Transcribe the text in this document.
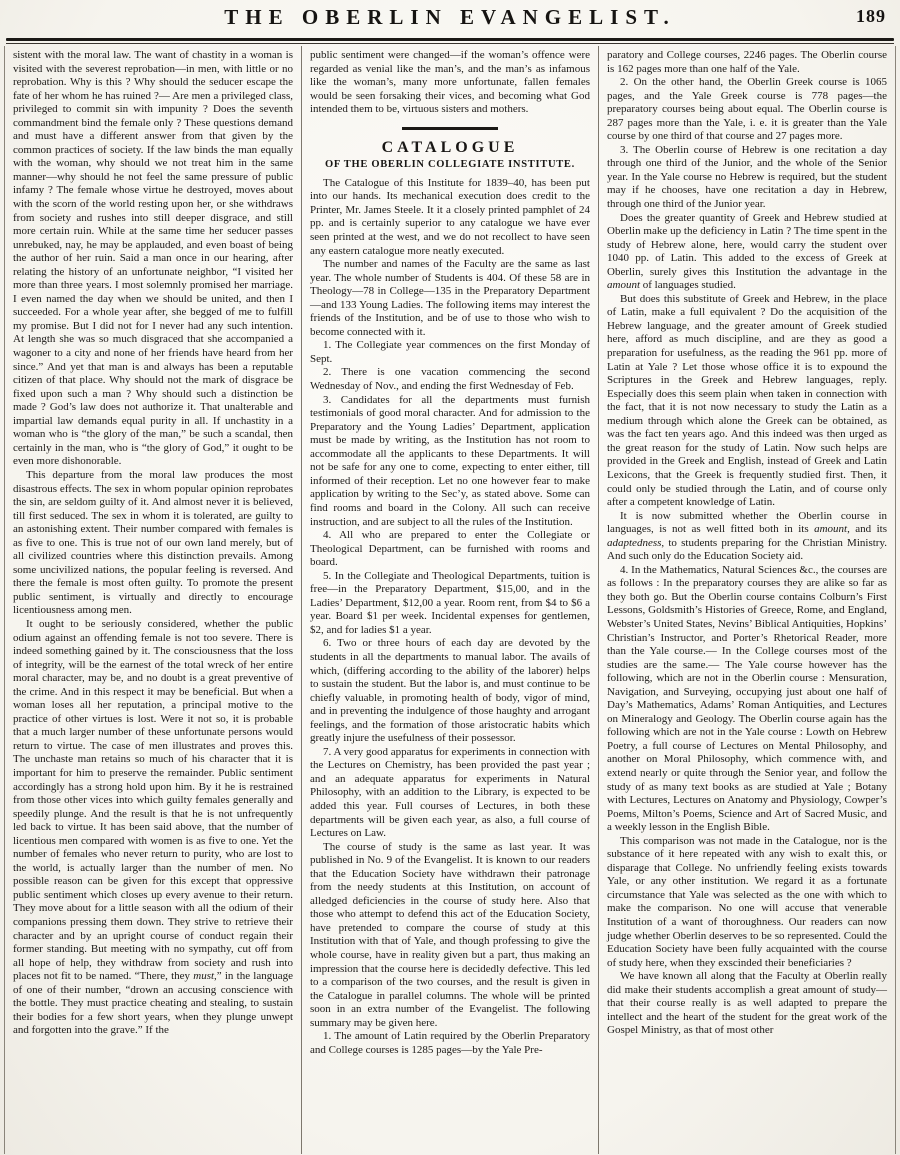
THE OBERLIN EVANGELIST.	189

sistent with the moral law. The want of chastity in a woman is visited with the severest reprobation—in men, with little or no reprobation. Why is this ? Why should the seducer escape the fate of her whom he has ruined ?— Are men a privileged class, privileged to commit sin with impunity ? Does the seventh commandment bind the female only ? These questions demand and must have a different answer from that given by the common practices of society. If the law binds the man equally with the woman, why should we not treat him in the same manner—why should he not feel the same pressure of public infamy ? The female whose virtue he destroyed, moves about with the scorn of the world resting upon her, or she withdraws from society and rushes into still deeper disgrace, and still more certain ruin. While at the same time her seducer passes unrebuked, nay, he may be applauded, and even boast of being the author of her ruin. Said a man once in our hearing, after relating the history of an unfortunate neighbor, “I visited her more than three years. I most solemnly promised her marriage. I even named the day when we should be united, and then I succeeded. For a whole year after, she begged of me to fulfill my promise. But I did not for I never had any such intention. At length she was so much disgraced that she accompanied a wagoner to a city and none of her friends have heard from her since.” And yet that man is and always has been a reputable citizen of that place. Why should not the mark of disgrace be fixed upon such a man ? Why should such a distinction be made ? God’s law does not authorize it. That unalterable and impartial law demands equal purity in all. If unchastity in a woman who is “the glory of the man,” be such a scandal, then certainly in the man, who is “the glory of God,” it ought to be even more dishonorable.

This departure from the moral law produces the most disastrous effects. The sex in whom popular opinion reprobates the sin, are seldom guilty of it. And almost never it is believed, till first seduced. The sex in whom it is tolerated, are guilty to an astonishing extent. Their number compared with females is as five to one. This is true not of our own land merely, but of all civilized countries where this distinction prevails. Among some uncivilized nations, the popular feeling is reversed. And there the female is most often guilty. To promote the present public sentiment, is virtually and directly to encourage licentiousness among men.

It ought to be seriously considered, whether the public odium against an offending female is not too severe. There is indeed something gained by it. The consciousness that the loss of integrity, will be the earnest of the total wreck of her entire moral character, may be, and no doubt is a great preventive of the crime. And in this respect it may be beneficial. But when a woman loses all her reputation, a principal motive to the practice of other virtues is lost. Were it not so, it is probable that a much larger number of these unfortunate persons would return to virtue. The case of men illustrates and proves this. The unchaste man retains so much of his character that it is important for him to preserve the remainder. Public sentiment accordingly has a strong hold upon him. By it he is restrained from those other vices into which guilty females generally and speedily plunge. And the result is that he is not unfrequently led back to virtue. It has been said above, that the number of licentious men compared with women is as five to one. Yet the number of females who never return to purity, who are lost to the world, is actually larger than the number of men. No possible reason can be given for this except that oppressive public sentiment which closes up every avenue to their return. They move about for a little season with all the odium of their companions pressing them down. They strive to retrieve their character and by an upright course of conduct regain their former standing. But meeting with no sympathy, cut off from all hope of help, they withdraw from society and rush into places not fit to be named. “There, they must,” in the language of one of their number, “drown an accusing conscience with the bottle. They must practice cheating and stealing, to sustain their bodies for a few short years, when they plunge unwept and forgotten into the grave.” If the

public sentiment were changed—if the woman’s offence were regarded as venial like the man’s, and the man’s as infamous like the woman’s, many more unfortunate, fallen females would be seen forsaking their vices, and becoming what God intended them to be, virtuous sisters and mothers.

CATALOGUE
OF THE OBERLIN COLLEGIATE INSTITUTE.

The Catalogue of this Institute for 1839–40, has been put into our hands. Its mechanical execution does credit to the Printer, Mr. James Steele. It it a closely printed pamphlet of 24 pp. and is certainly superior to any catalogue we have ever seen printed at the west, and we do not recollect to have seen any eastern catalogue more neatly executed.

The number and names of the Faculty are the same as last year. The whole number of Students is 404. Of these 58 are in Theology—78 in College—135 in the Preparatory Department—and 133 Young Ladies. The following items may interest the friends of the Institution, and be of use to those who wish to become connected with it.

1. The Collegiate year commences on the first Monday of Sept.

2. There is one vacation commencing the second Wednesday of Nov., and ending the first Wednesday of Feb.

3. Candidates for all the departments must furnish testimonials of good moral character. And for admission to the Preparatory and the Young Ladies’ Department, application must be made by writing, as the Institution has not room to accommodate all the applicants to these Departments. It will not be safe for any one to come, expecting to enter either, till informed of their reception. Let no one however fear to make application by writing to the Sec’y, as stated above. Some can find rooms and board in the Colony. All such can receive instruction, and are subject to all the rules of the Institution.

4. All who are prepared to enter the Collegiate or Theological Department, can be furnished with rooms and board.

5. In the Collegiate and Theological Departments, tuition is free—in the Preparatory Department, $15,00, and in the Ladies’ Department, $12,00 a year. Room rent, from $4 to $6 a year. Board $1 per week. Incidental expenses for gentlemen, $2, and for ladies $1 a year.

6. Two or three hours of each day are devoted by the students in all the departments to manual labor. The avails of which, (differing according to the ability of the laborer) helps to sustain the student. But the labor is, and must continue to be chiefly valuable, in promoting health of body, vigor of mind, and in preventing the indulgence of those haughty and arrogant feelings, and the formation of those aristocratic habits which greatly injure the usefulness of their possessor.

7. A very good apparatus for experiments in connection with the Lectures on Chemistry, has been provided the past year ; and an adequate apparatus for experiments in Natural Philosophy, with an addition to the Library, is expected to be added this year. Full courses of Lectures, in both these departments will be given each year, as also, a full course of Lectures on Law.

The course of study is the same as last year. It was published in No. 9 of the Evangelist. It is known to our readers that the Education Society have withdrawn their patronage from the needy students at this Institution, on account of alledged deficiencies in the course of study here. Also that those who attempt to defend this act of the Education Society, have pretended to compare the course of study at this Institution with that of Yale, and though professing to give the whole course, have in reality given but a part, thus making an impression that the course here is decidedly defective. This led to a comparison of the two courses, and the result is given in the Catalogue in parallel columns. The whole will be printed soon in an extra number of the Evangelist. The following summary may be given here.

1. The amount of Latin required by the Oberlin Preparatory and College courses is 1285 pages—by the Yale Pre-

paratory and College courses, 2246 pages. The Oberlin course is 162 pages more than one half of the Yale.

2. On the other hand, the Oberlin Greek course is 1065 pages, and the Yale Greek course is 778 pages—the preparatory courses being about equal. The Oberlin course is 287 pages more than the Yale, i. e. it is greater than the Yale course by one third of that course and 27 pages more.

3. The Oberlin course of Hebrew is one recitation a day through one third of the Junior, and the whole of the Senior year. In the Yale course no Hebrew is required, but the student may if he chooses, have one recitation a day in Hebrew, through one third of the Junior year.

Does the greater quantity of Greek and Hebrew studied at Oberlin make up the deficiency in Latin ? The time spent in the study of Hebrew alone, here, would carry the student over 1040 pp. of Latin. This added to the excess of Greek at Oberlin, surely gives this Institution the advantage in the amount of languages studied.

But does this substitute of Greek and Hebrew, in the place of Latin, make a full equivalent ? Do the acquisition of the Hebrew language, and the greater amount of Greek studied here, afford as much discipline, and are they as good a preparation for usefulness, as the reading the 961 pp. more of Latin at Yale ? Let those whose office it is to expound the Scriptures in the Greek and Hebrew languages, reply. Especially does this seem plain when taken in connection with the fact, that it is not now necessary to study the Latin as a medium through which alone the Greek can be obtained, as was the fact ten years ago. And this indeed was then urged as the great reason for the study of Latin. Now such helps are provided in the Greek and English, instead of Greek and Latin Lexicons, that the Greek is frequently studied first. Then, it could only be studied through the Latin, and of course only after a competent knowledge of Latin.

It is now submitted whether the Oberlin course in languages, is not as well fitted both in its amount, and its adaptedness, to students preparing for the Christian Ministry. And such only do the Education Society aid.

4. In the Mathematics, Natural Sciences &c., the courses are as follows : In the preparatory courses they are alike so far as they both go. But the Oberlin course contains Colburn’s First Lessons, Goldsmith’s Histories of Greece, Rome, and England, Webster’s United States, Nevins’ Biblical Antiquities, Hopkins’ Christian’s Instructor, and Porter’s Rhetorical Reader, more than the Yale course.— In the College courses most of the studies are the same.— The Yale course however has the following, which are not in the Oberlin course : Mensuration, Navigation, and Surveying, occupying just about one half of Day’s Mathematics, Adams’ Roman Antiquities, and Lectures on Mineralogy and Geology. The Oberlin course again has the following which are not in the Yale course : Lowth on Hebrew Poetry, a full course of Lectures on Mental Philosophy, and another on Moral Philosophy, which commence with, and extend nearly or quite through the Senior year, and follow the study of as many text books as are studied at Yale ; Botany with Lectures, Lectures on Anatomy and Physiology, Cowper’s Poems, Milton’s Poems, Science and Art of Sacred Music, and a weekly lesson in the English Bible.

This comparison was not made in the Catalogue, nor is the substance of it here repeated with any wish to exalt this, or disparage that College. No unfriendly feeling exists towards Yale, or any other institution. We regard it as a fortunate circumstance that Yale was selected as the one with which to make the comparison. No one will accuse that venerable Institution of a want of thoroughness. Our readers can now judge whether Oberlin deserves to be so represented. Could the Education Society have been fully acquainted with the course of study here, when they exscinded their beneficiaries ?

We have known all along that the Faculty at Oberlin really did make their students accomplish a great amount of study—that their course really is as well adapted to prepare the intellect and the heart of the student for the great work of the Gospel Ministry, as that of most other
